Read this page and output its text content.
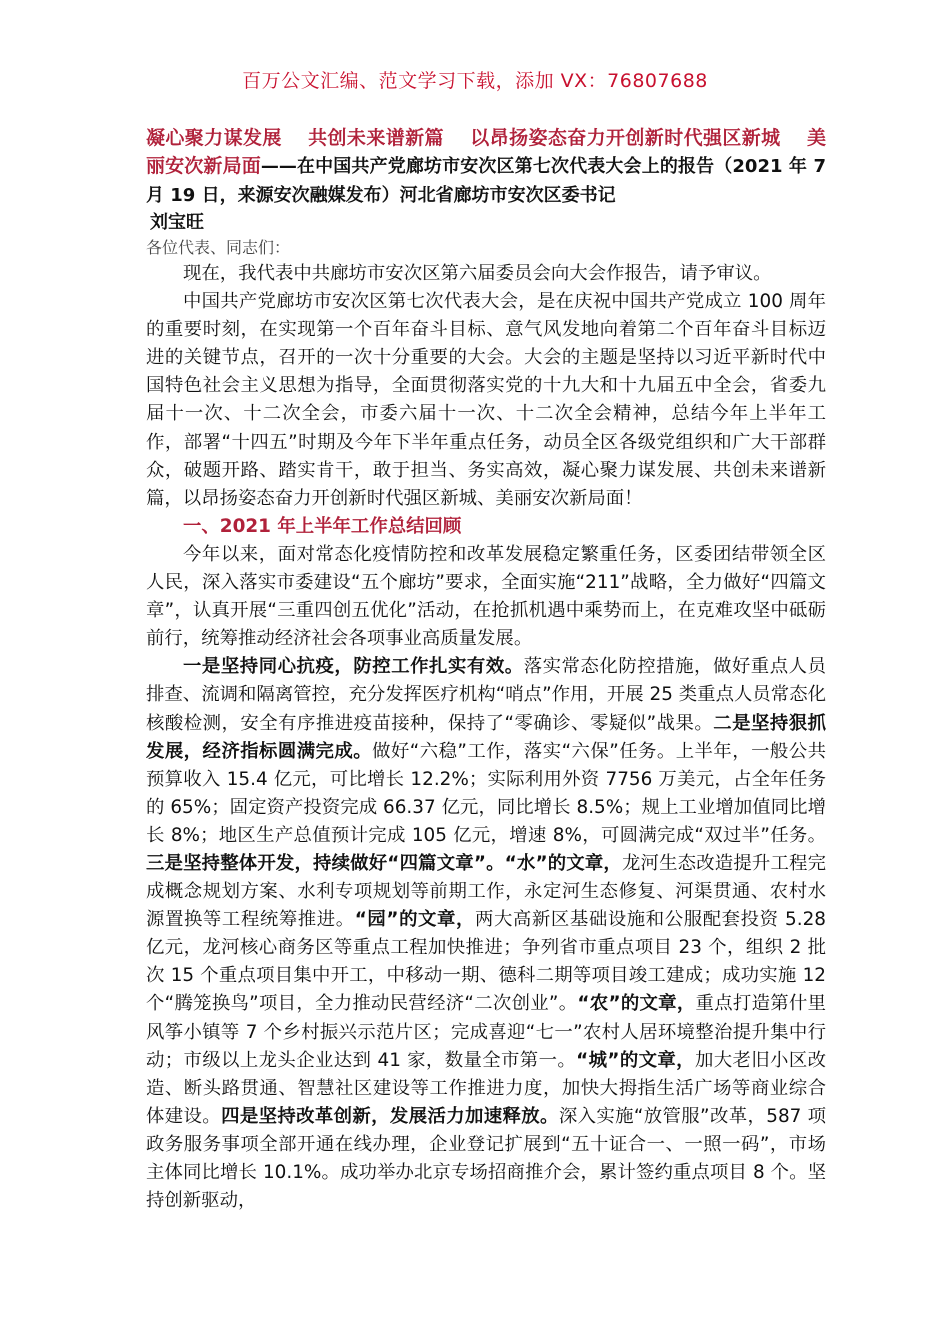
百万公文汇编、范文学习下载，添加 VX：76807688
凝心聚力谋发展 共创未来谱新篇 以昂扬姿态奋力开创新时代强区新城 美丽安次新局面——在中国共产党廊坊市安次区第七次代表大会上的报告（2021 年 7 月 19 日，来源安次融媒发布）河北省廊坊市安次区委书记
刘宝旺
各位代表、同志们：

现在，我代表中共廊坊市安次区第六届委员会向大会作报告，请予审议。

中国共产党廊坊市安次区第七次代表大会，是在庆祝中国共产党成立 100 周年的重要时刻，在实现第一个百年奋斗目标、意气风发地向着第二个百年奋斗目标迈进的关键节点，召开的一次十分重要的大会。大会的主题是坚持以习近平新时代中国特色社会主义思想为指导，全面贯彻落实党的十九大和十九届五中全会，省委九届十一次、十二次全会，市委六届十一次、十二次全会精神，总结今年上半年工作，部署“十四五”时期及今年下半年重点任务，动员全区各级党组织和广大干部群众，破题开路、踏实肯干，敢于担当、务实高效，凝心聚力谋发展、共创未来谱新篇，以昂扬姿态奋力开创新时代强区新城、美丽安次新局面！

一、2021 年上半年工作总结回顾

今年以来，面对常态化疫情防控和改革发展稳定繁重任务，区委团结带领全区人民，深入落实市委建设“五个廊坊”要求，全面实施“211”战略，全力做好“四篇文章”，认真开展“三重四创五优化”活动，在抢抓机遇中乘势而上，在克难攻坚中砥砺前行，统筹推动经济社会各项事业高质量发展。

一是坚持同心抗疫，防控工作扎实有效。落实常态化防控措施，做好重点人员排查、流调和隔离管控，充分发挥医疗机构“哨点”作用，开展 25 类重点人员常态化核酸检测，安全有序推进疫苗接种，保持了“零确诊、零疑似”战果。二是坚持狠抓发展，经济指标圆满完成。做好“六稳”工作，落实“六保”任务。上半年，一般公共预算收入 15.4 亿元，可比增长 12.2%；实际利用外资 7756 万美元，占全年任务的 65%；固定资产投资完成 66.37 亿元，同比增长 8.5%；规上工业增加值同比增长 8%；地区生产总值预计完成 105 亿元，增速 8%，可圆满完成“双过半”任务。三是坚持整体开发，持续做好“四篇文章”。“水”的文章，龙河生态改造提升工程完成概念规划方案、水利专项规划等前期工作，永定河生态修复、河渠贯通、农村水源置换等工程统筹推进。“园”的文章，两大高新区基础设施和公服配套投资 5.28 亿元，龙河核心商务区等重点工程加快推进；争列省市重点项目 23 个，组织 2 批次 15 个重点项目集中开工，中移动一期、德科二期等项目竣工建成；成功实施 12 个“腾笼换鸟”项目，全力推动民营经济“二次创业”。“农”的文章，重点打造第什里风筝小镇等 7 个乡村振兴示范片区；完成喜迎“七一”农村人居环境整治提升集中行动；市级以上龙头企业达到 41 家，数量全市第一。“城”的文章，加大老旧小区改造、断头路贯通、智慧社区建设等工作推进力度，加快大拇指生活广场等商业综合体建设。四是坚持改革创新，发展活力加速释放。深入实施“放管服”改革，587 项政务服务事项全部开通在线办理，企业登记扩展到“五十证合一、一照一码”，市场主体同比增长 10.1%。成功举办北京专场招商推介会，累计签约重点项目 8 个。坚持创新驱动，
